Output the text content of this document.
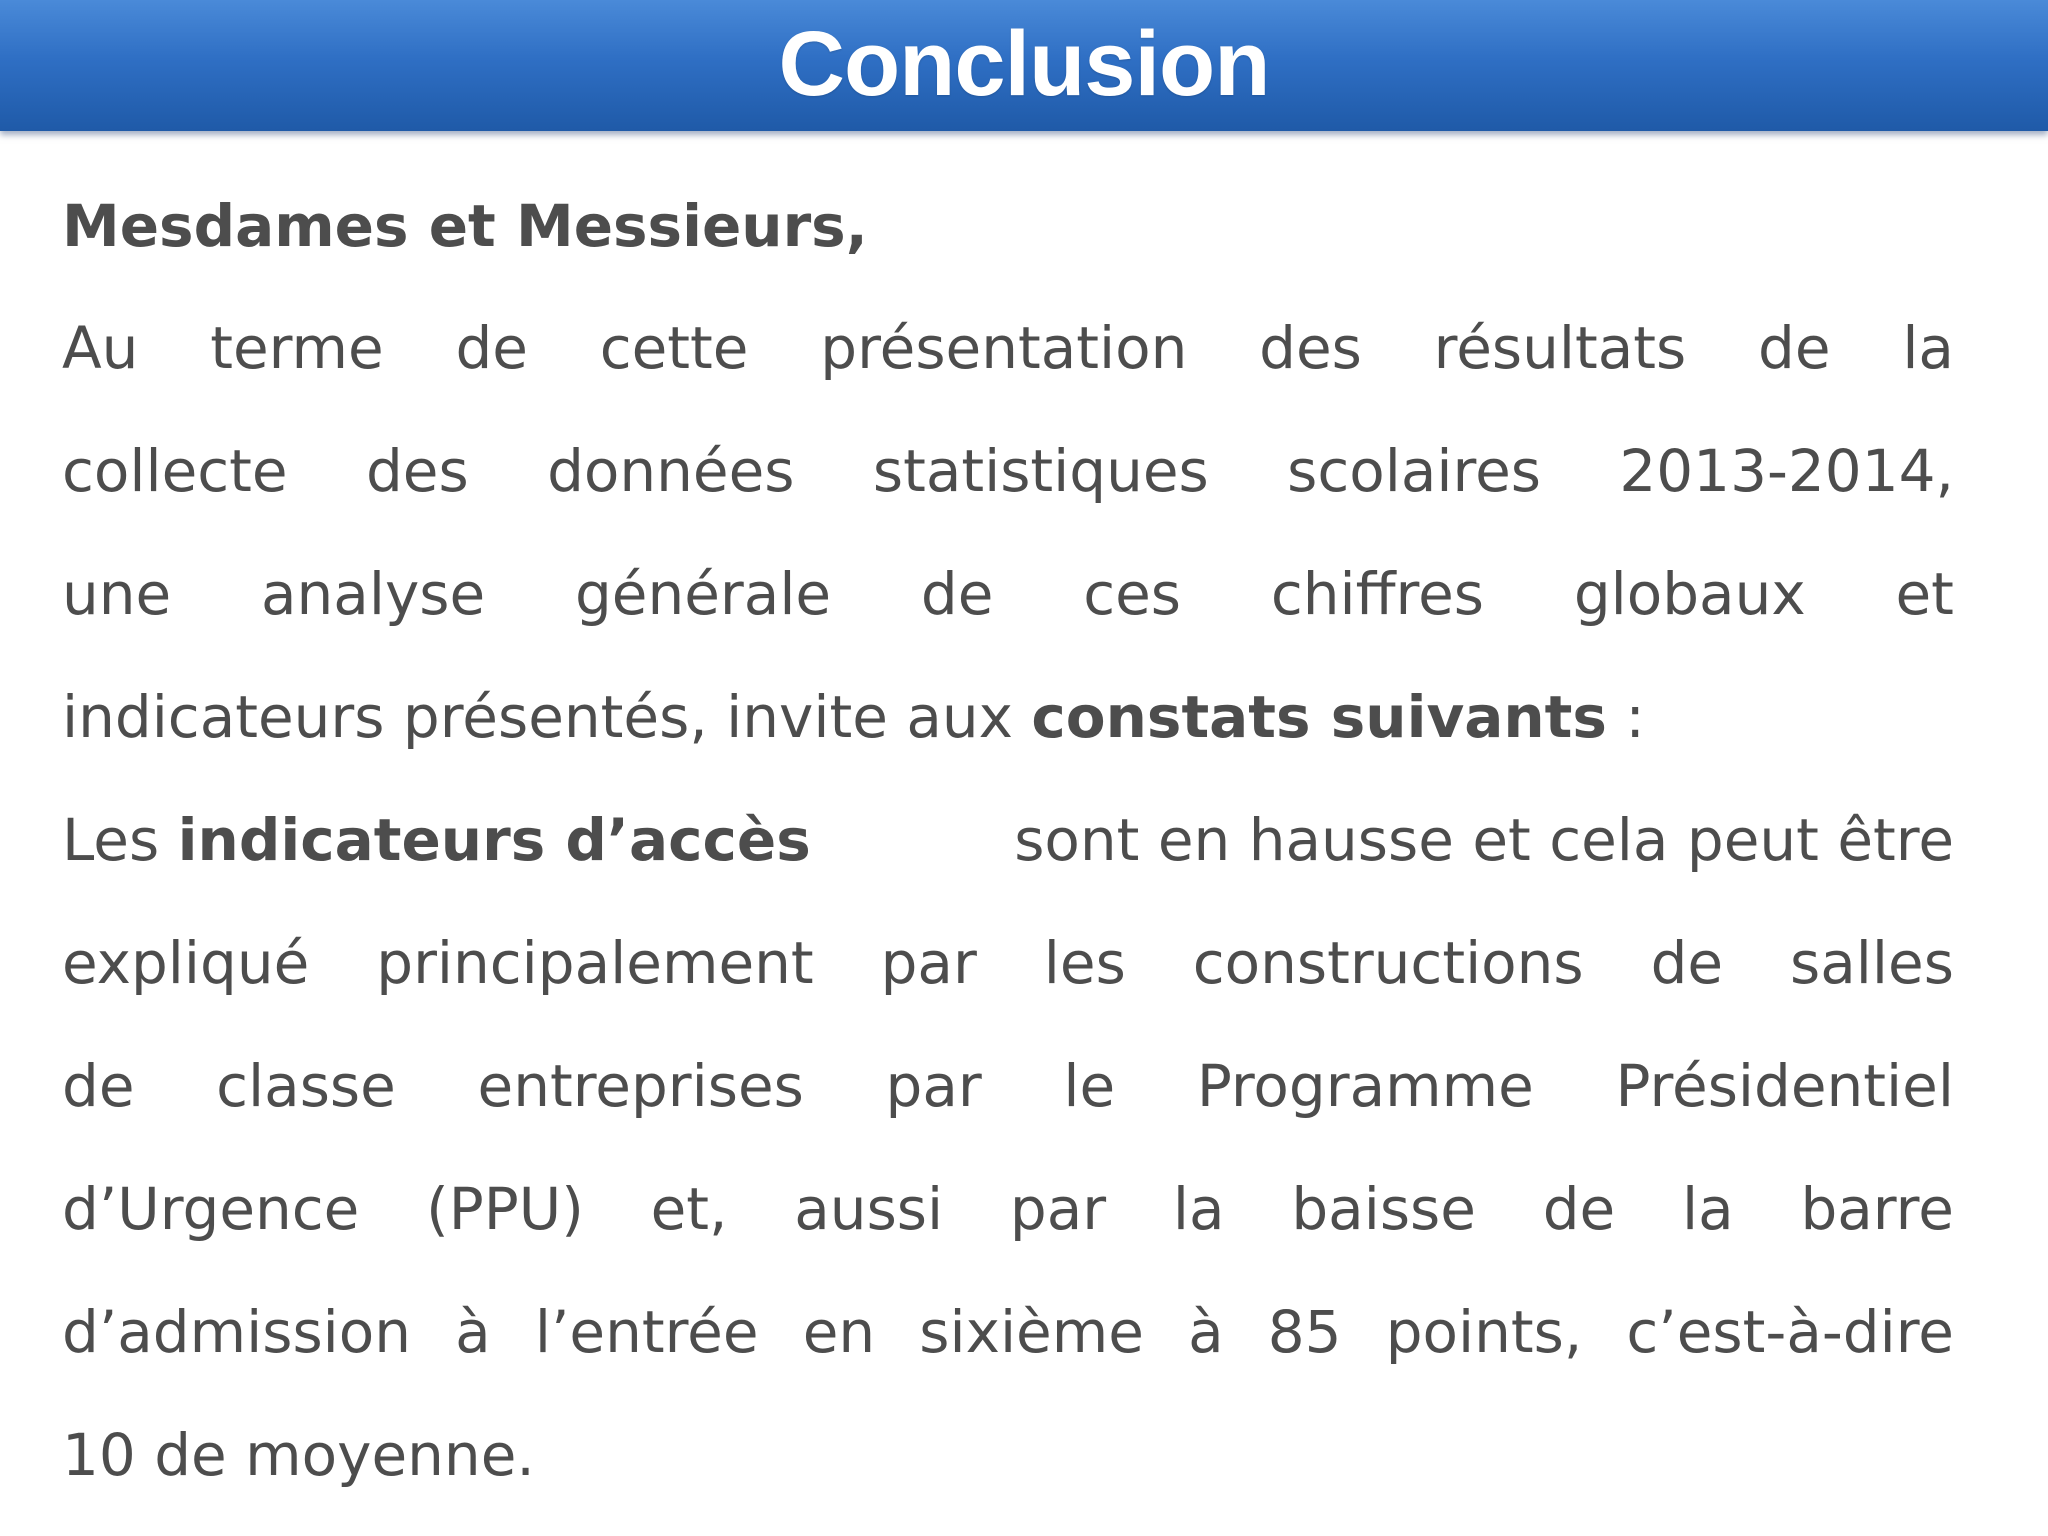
Conclusion
Mesdames et Messieurs,
Au terme de cette présentation des résultats de la
collecte des données statistiques scolaires 2013-2014,
une analyse générale de ces chiffres globaux et
indicateurs présentés, invite aux constats suivants :
Les indicateurs d’accès	sont en hausse et cela peut être
expliqué principalement par les constructions de salles
de classe entreprises par le Programme Présidentiel
d’Urgence (PPU) et, aussi par la baisse de la barre
d’admission à l’entrée en sixième à 85 points, c’est-à-dire
10 de moyenne.
